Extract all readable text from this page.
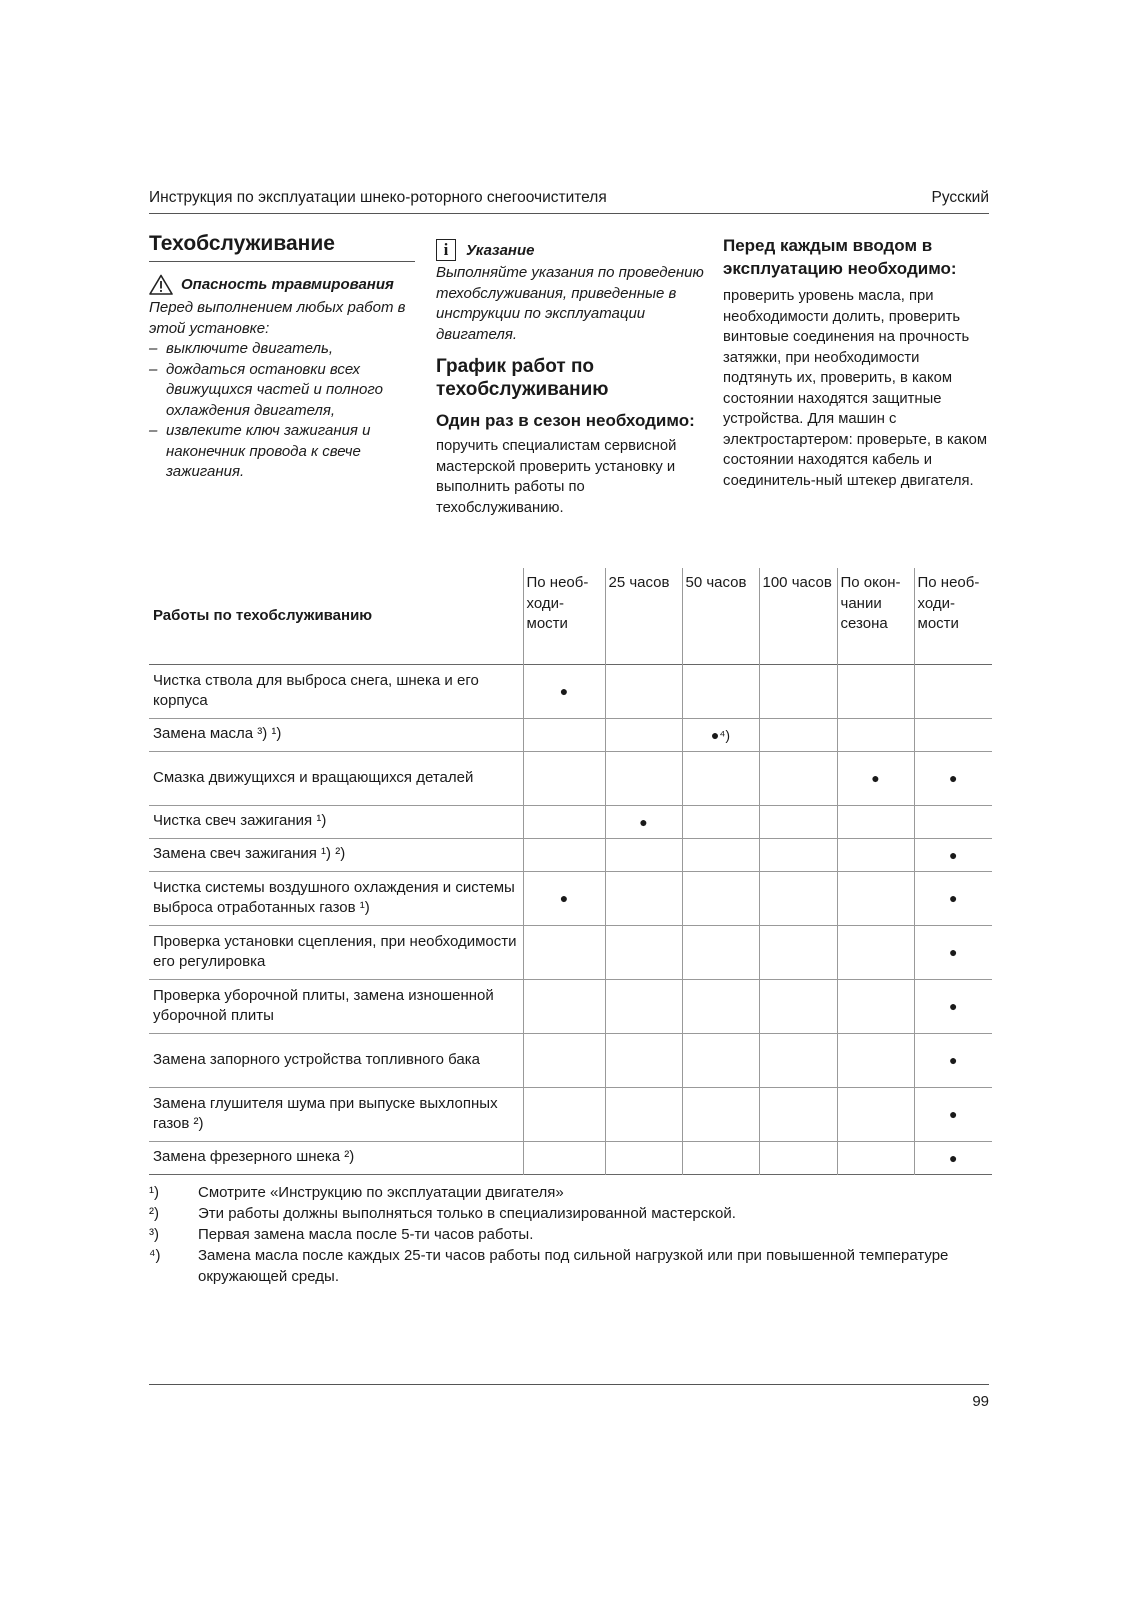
Инструкция по эксплуатации шнеко-роторного снегоочистителя	Русский
Техобслуживание
Опасность травмирования
Перед выполнением любых работ в этой установке:
– выключите двигатель,
– дождаться остановки всех движущихся частей и полного охлаждения двигателя,
– извлеките ключ зажигания и наконечник провода к свече зажигания.
i	Указание
Выполняйте указания по проведению техобслуживания, приведенные в инструкции по эксплуатации двигателя.
График работ по техобслуживанию
Один раз в сезон необходимо:
поручить специалистам сервисной мастерской проверить установку и выполнить работы по техобслуживанию.
Перед каждым вводом в эксплуатацию необходимо:
проверить уровень масла, при необходимости долить, проверить винтовые соединения на прочность затяжки, при необходимости подтянуть их, проверить, в каком состоянии находятся защитные устройства. Для машин с электростартером: проверьте, в каком состоянии находятся кабель и соединитель-ный штекер двигателя.
Работы по техобслуживанию	По необ-ходи-мости	25 часов	50 часов	100 часов	По окон-чании сезона	По необ-ходи-мости
Чистка ствола для выброса снега, шнека и его корпуса	●					
Замена масла ³) ¹)			●⁴)			
Смазка движущихся и вращающихся деталей					●	●
Чистка свеч зажигания ¹)		●				
Замена свеч зажигания ¹) ²)						●
Чистка системы воздушного охлаждения и системы выброса отработанных газов ¹)	●					●
Проверка установки сцепления, при необходимости его регулировка						●
Проверка уборочной плиты, замена изношенной уборочной плиты						●
Замена запорного устройства топливного бака						●
Замена глушителя шума при выпуске выхлопных газов ²)						●
Замена фрезерного шнека ²)						●
¹)	Смотрите «Инструкцию по эксплуатации двигателя»
²)	Эти работы должны выполняться только в специализированной мастерской.
³)	Первая замена масла после 5-ти часов работы.
⁴)	Замена масла после каждых 25-ти часов работы под сильной нагрузкой или при повышенной температуре окружающей среды.
99
